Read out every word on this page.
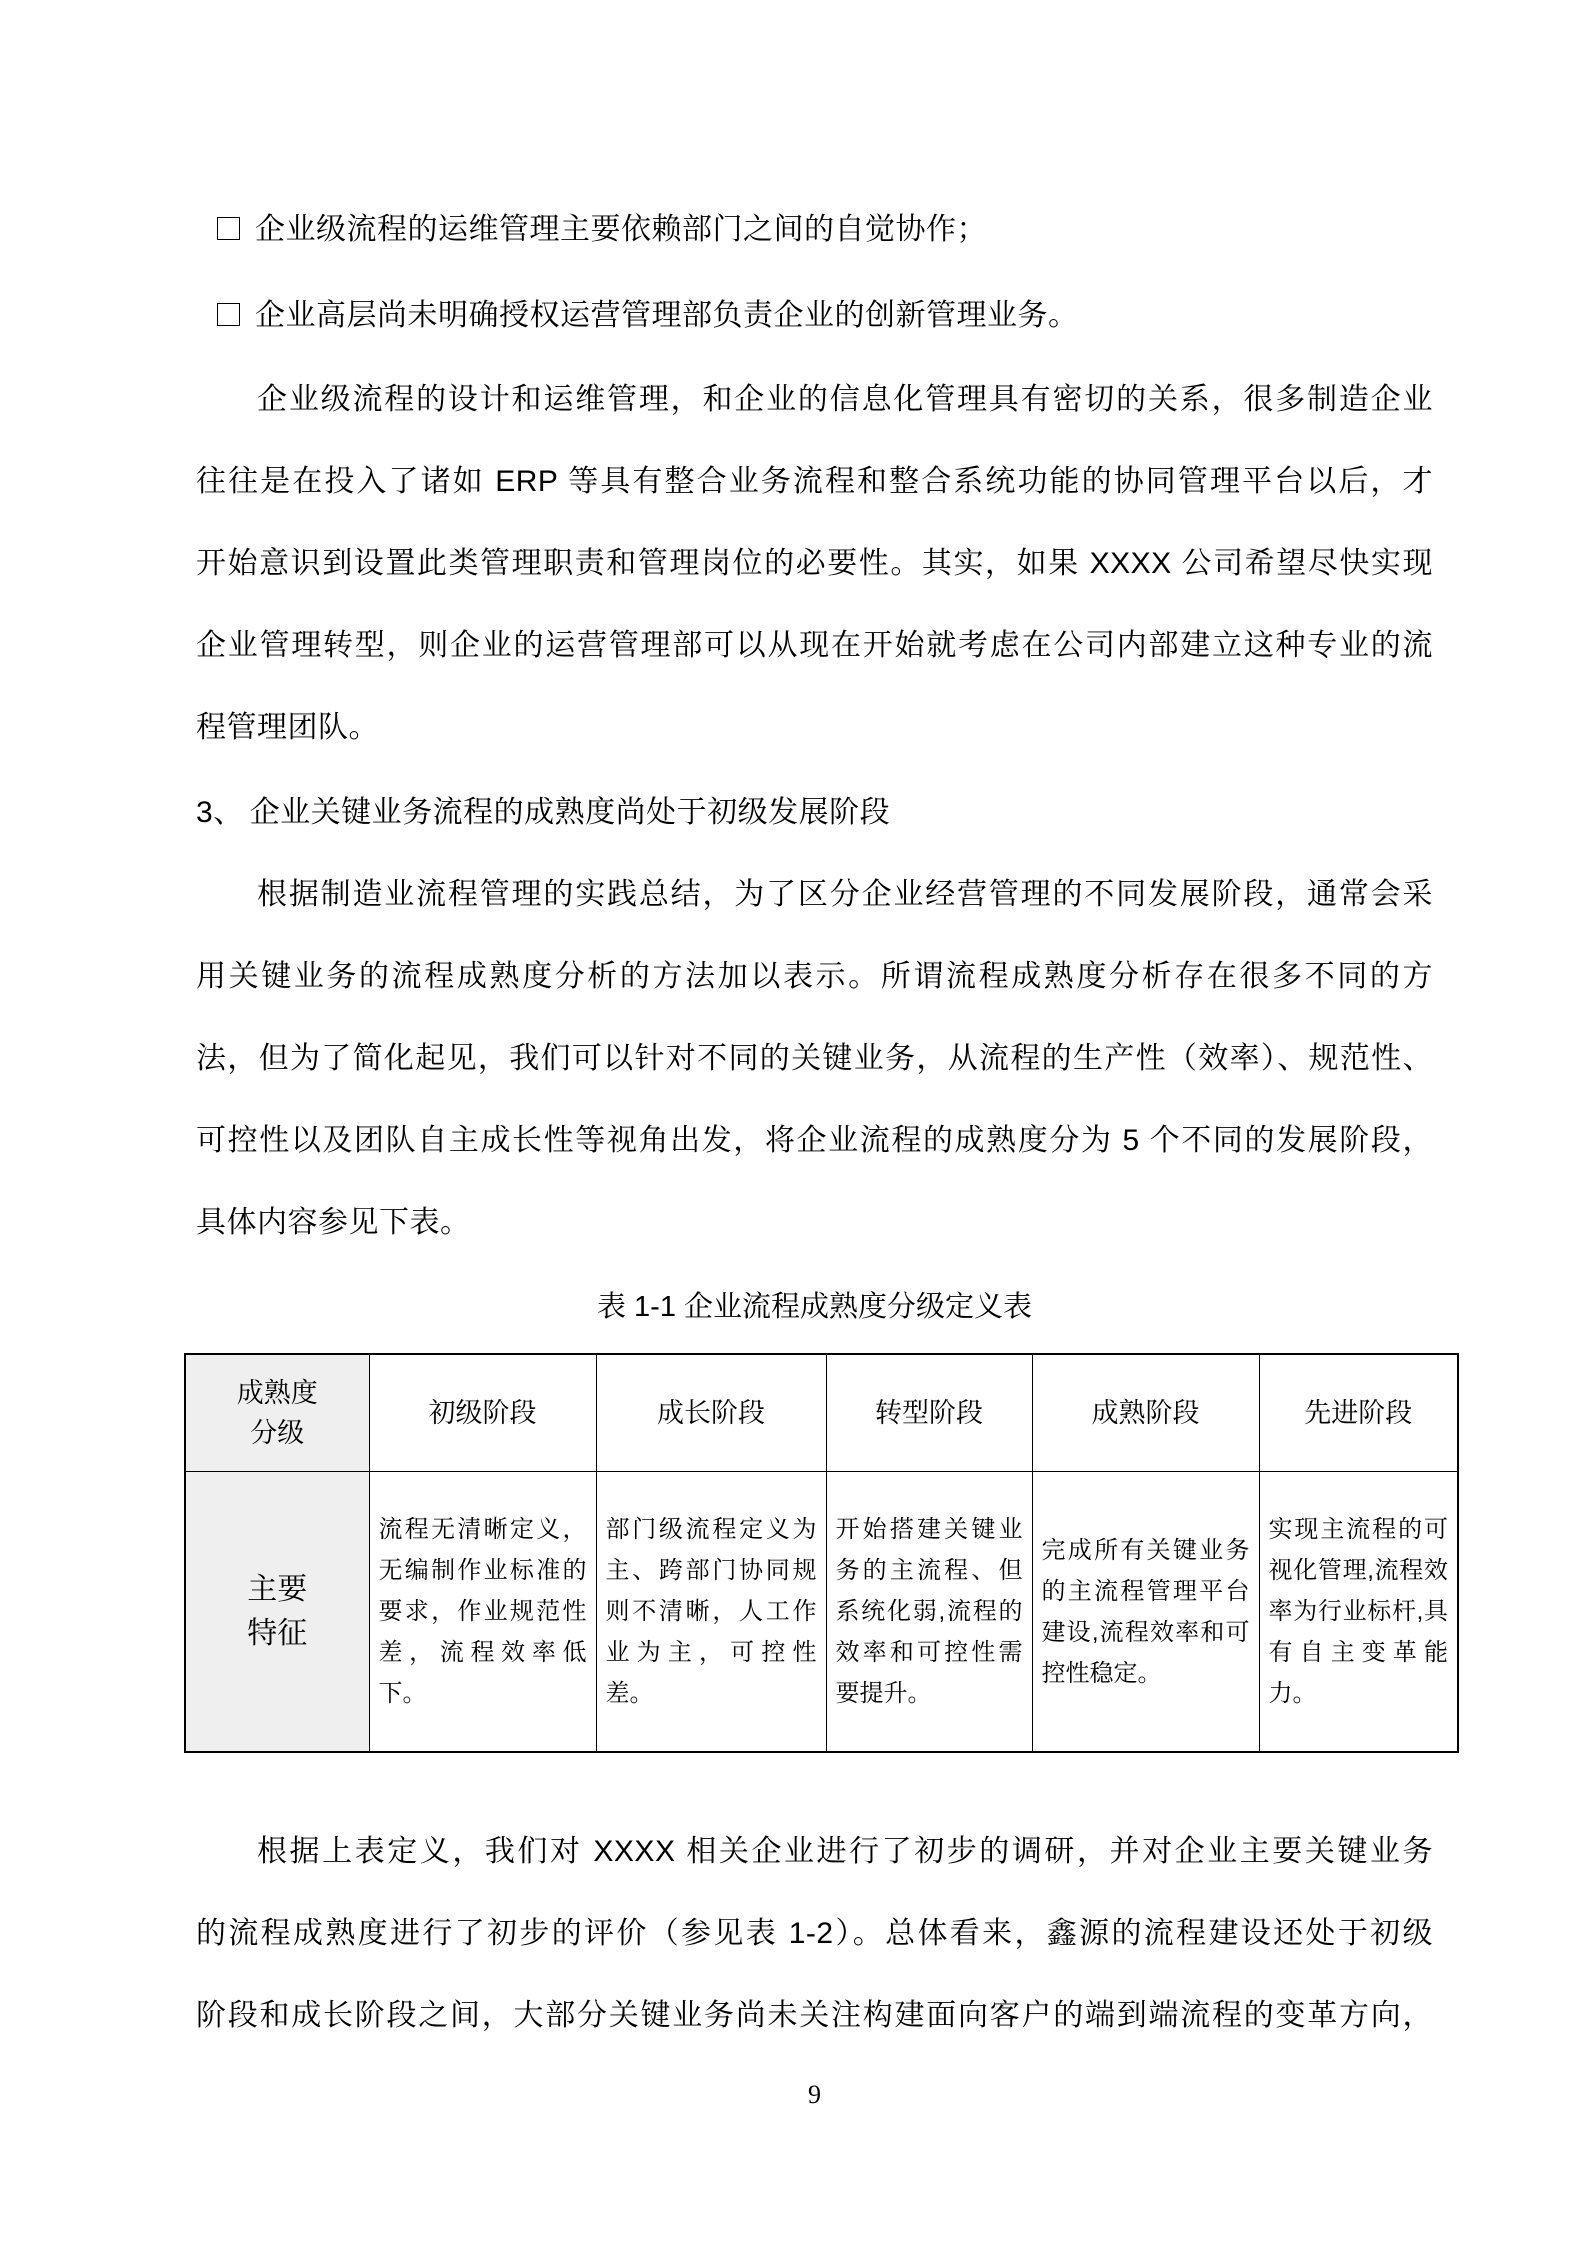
企业级流程的运维管理主要依赖部门之间的自觉协作；
企业高层尚未明确授权运营管理部负责企业的创新管理业务。
企业级流程的设计和运维管理，和企业的信息化管理具有密切的关系，很多制造企业
往往是在投入了诸如 ERP 等具有整合业务流程和整合系统功能的协同管理平台以后，才
开始意识到设置此类管理职责和管理岗位的必要性。其实，如果 XXXX 公司希望尽快实现
企业管理转型，则企业的运营管理部可以从现在开始就考虑在公司内部建立这种专业的流
程管理团队。
3、 企业关键业务流程的成熟度尚处于初级发展阶段
根据制造业流程管理的实践总结，为了区分企业经营管理的不同发展阶段，通常会采
用关键业务的流程成熟度分析的方法加以表示。所谓流程成熟度分析存在很多不同的方
法，但为了简化起见，我们可以针对不同的关键业务，从流程的生产性（效率）、规范性、
可控性以及团队自主成长性等视角出发，将企业流程的成熟度分为 5 个不同的发展阶段，
具体内容参见下表。
表 1-1 企业流程成熟度分级定义表
成熟度分级	初级阶段	成长阶段	转型阶段	成熟阶段	先进阶段
主要特征	流程无清晰定义，无编制作业标准的要求，作业规范性差，流程效率低下。	部门级流程定义为主、跨部门协同规则不清晰，人工作业为主，可控性差。	开始搭建关键业务的主流程、但系统化弱,流程的效率和可控性需要提升。	完成所有关键业务的主流程管理平台建设,流程效率和可控性稳定。	实现主流程的可视化管理,流程效率为行业标杆,具有自主变革能力。
根据上表定义，我们对 XXXX 相关企业进行了初步的调研，并对企业主要关键业务
的流程成熟度进行了初步的评价（参见表 1-2）。总体看来，鑫源的流程建设还处于初级
阶段和成长阶段之间，大部分关键业务尚未关注构建面向客户的端到端流程的变革方向，
9
